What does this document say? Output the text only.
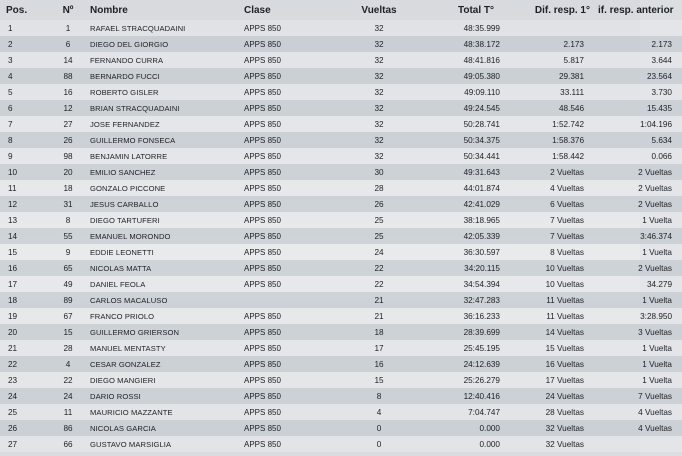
Pos.	Nº	Nombre	Clase	Vueltas	Total T°	Dif. resp. 1°	if. resp. anterior
1	1	RAFAEL STRACQUADAINI	APPS 850	32	48:35.999		
2	6	DIEGO DEL GIORGIO	APPS 850	32	48:38.172	2.173	2.173
3	14	FERNANDO CURRA	APPS 850	32	48:41.816	5.817	3.644
4	88	BERNARDO FUCCI	APPS 850	32	49:05.380	29.381	23.564
5	16	ROBERTO GISLER	APPS 850	32	49:09.110	33.111	3.730
6	12	BRIAN STRACQUADAINI	APPS 850	32	49:24.545	48.546	15.435
7	27	JOSE FERNANDEZ	APPS 850	32	50:28.741	1:52.742	1:04.196
8	26	GUILLERMO FONSECA	APPS 850	32	50:34.375	1:58.376	5.634
9	98	BENJAMIN LATORRE	APPS 850	32	50:34.441	1:58.442	0.066
10	20	EMILIO SANCHEZ	APPS 850	30	49:31.643	2 Vueltas	2 Vueltas
11	18	GONZALO PICCONE	APPS 850	28	44:01.874	4 Vueltas	2 Vueltas
12	31	JESUS CARBALLO	APPS 850	26	42:41.029	6 Vueltas	2 Vueltas
13	8	DIEGO TARTUFERI	APPS 850	25	38:18.965	7 Vueltas	1 Vuelta
14	55	EMANUEL MORONDO	APPS 850	25	42:05.339	7 Vueltas	3:46.374
15	9	EDDIE LEONETTI	APPS 850	24	36:30.597	8 Vueltas	1 Vuelta
16	65	NICOLAS MATTA	APPS 850	22	34:20.115	10 Vueltas	2 Vueltas
17	49	DANIEL FEOLA	APPS 850	22	34:54.394	10 Vueltas	34.279
18	89	CARLOS MACALUSO		21	32:47.283	11 Vueltas	1 Vuelta
19	67	FRANCO PRIOLO	APPS 850	21	36:16.233	11 Vueltas	3:28.950
20	15	GUILLERMO GRIERSON	APPS 850	18	28:39.699	14 Vueltas	3 Vueltas
21	28	MANUEL MENTASTY	APPS 850	17	25:45.195	15 Vueltas	1 Vuelta
22	4	CESAR GONZALEZ	APPS 850	16	24:12.639	16 Vueltas	1 Vuelta
23	22	DIEGO MANGIERI	APPS 850	15	25:26.279	17 Vueltas	1 Vuelta
24	24	DARIO ROSSI	APPS 850	8	12:40.416	24 Vueltas	7 Vueltas
25	11	MAURICIO MAZZANTE	APPS 850	4	7:04.747	28 Vueltas	4 Vueltas
26	86	NICOLAS GARCIA	APPS 850	0	0.000	32 Vueltas	4 Vueltas
27	66	GUSTAVO MARSIGLIA	APPS 850	0	0.000	32 Vueltas	
